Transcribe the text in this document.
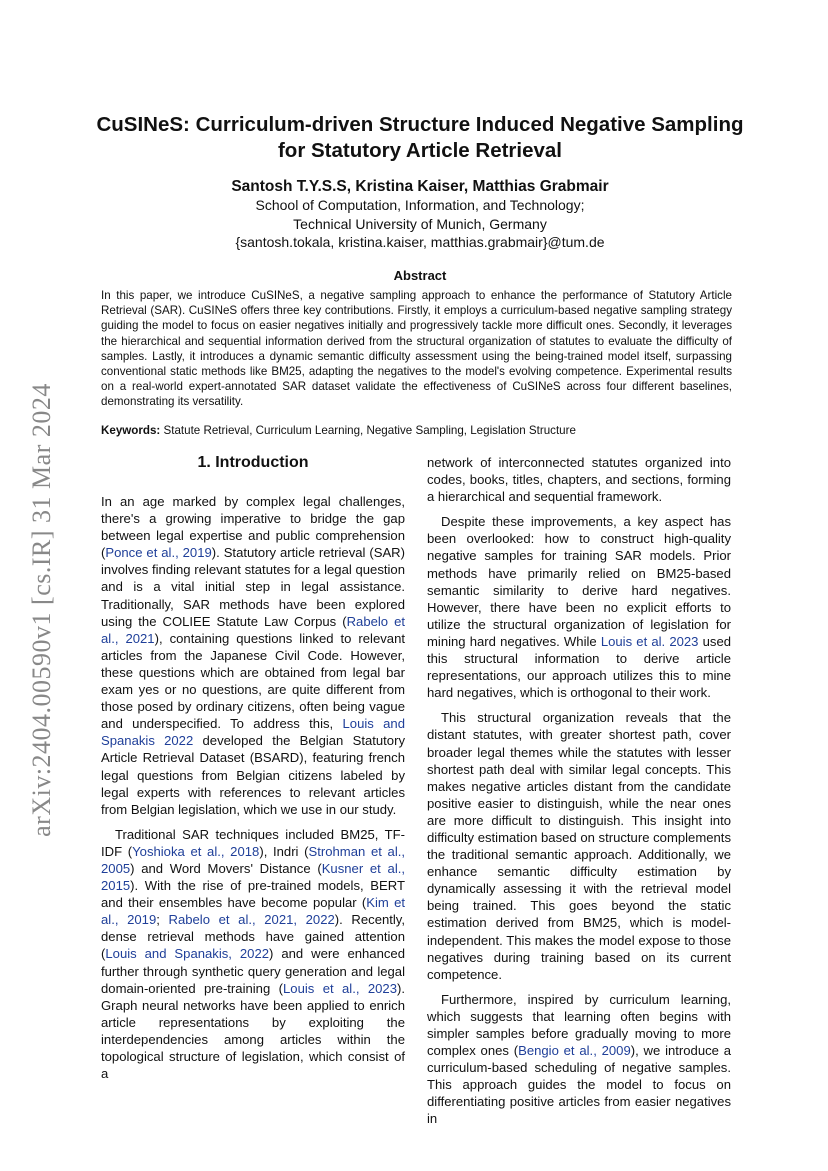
arXiv:2404.00590v1 [cs.IR] 31 Mar 2024
CuSINeS: Curriculum-driven Structure Induced Negative Sampling
for Statutory Article Retrieval
Santosh T.Y.S.S, Kristina Kaiser, Matthias Grabmair
School of Computation, Information, and Technology;
Technical University of Munich, Germany
{santosh.tokala, kristina.kaiser, matthias.grabmair}@tum.de
Abstract

In this paper, we introduce CuSINeS, a negative sampling approach to enhance the performance of Statutory Article Retrieval (SAR). CuSINeS offers three key contributions. Firstly, it employs a curriculum-based negative sampling strategy guiding the model to focus on easier negatives initially and progressively tackle more difficult ones. Secondly, it leverages the hierarchical and sequential information derived from the structural organization of statutes to evaluate the difficulty of samples. Lastly, it introduces a dynamic semantic difficulty assessment using the being-trained model itself, surpassing conventional static methods like BM25, adapting the negatives to the model's evolving competence. Experimental results on a real-world expert-annotated SAR dataset validate the effectiveness of CuSINeS across four different baselines, demonstrating its versatility.

Keywords: Statute Retrieval, Curriculum Learning, Negative Sampling, Legislation Structure

1. Introduction

In an age marked by complex legal challenges, there's a growing imperative to bridge the gap between legal expertise and public comprehension (Ponce et al., 2019). Statutory article retrieval (SAR) involves finding relevant statutes for a legal question and is a vital initial step in legal assistance. Traditionally, SAR methods have been explored using the COLIEE Statute Law Corpus (Rabelo et al., 2021), containing questions linked to relevant articles from the Japanese Civil Code. However, these questions which are obtained from legal bar exam yes or no questions, are quite different from those posed by ordinary citizens, often being vague and underspecified. To address this, Louis and Spanakis 2022 developed the Belgian Statutory Article Retrieval Dataset (BSARD), featuring french legal questions from Belgian citizens labeled by legal experts with references to relevant articles from Belgian legislation, which we use in our study.

Traditional SAR techniques included BM25, TF-IDF (Yoshioka et al., 2018), Indri (Strohman et al., 2005) and Word Movers' Distance (Kusner et al., 2015). With the rise of pre-trained models, BERT and their ensembles have become popular (Kim et al., 2019; Rabelo et al., 2021, 2022). Recently, dense retrieval methods have gained attention (Louis and Spanakis, 2022) and were enhanced further through synthetic query generation and legal domain-oriented pre-training (Louis et al., 2023). Graph neural networks have been applied to enrich article representations by exploiting the interdependencies among articles within the topological structure of legislation, which consist of a

network of interconnected statutes organized into codes, books, titles, chapters, and sections, forming a hierarchical and sequential framework.

Despite these improvements, a key aspect has been overlooked: how to construct high-quality negative samples for training SAR models. Prior methods have primarily relied on BM25-based semantic similarity to derive hard negatives. However, there have been no explicit efforts to utilize the structural organization of legislation for mining hard negatives. While Louis et al. 2023 used this structural information to derive article representations, our approach utilizes this to mine hard negatives, which is orthogonal to their work.

This structural organization reveals that the distant statutes, with greater shortest path, cover broader legal themes while the statutes with lesser shortest path deal with similar legal concepts. This makes negative articles distant from the candidate positive easier to distinguish, while the near ones are more difficult to distinguish. This insight into difficulty estimation based on structure complements the traditional semantic approach. Additionally, we enhance semantic difficulty estimation by dynamically assessing it with the retrieval model being trained. This goes beyond the static estimation derived from BM25, which is model-independent. This makes the model expose to those negatives during training based on its current competence.

Furthermore, inspired by curriculum learning, which suggests that learning often begins with simpler samples before gradually moving to more complex ones (Bengio et al., 2009), we introduce a curriculum-based scheduling of negative samples. This approach guides the model to focus on differentiating positive articles from easier negatives in
